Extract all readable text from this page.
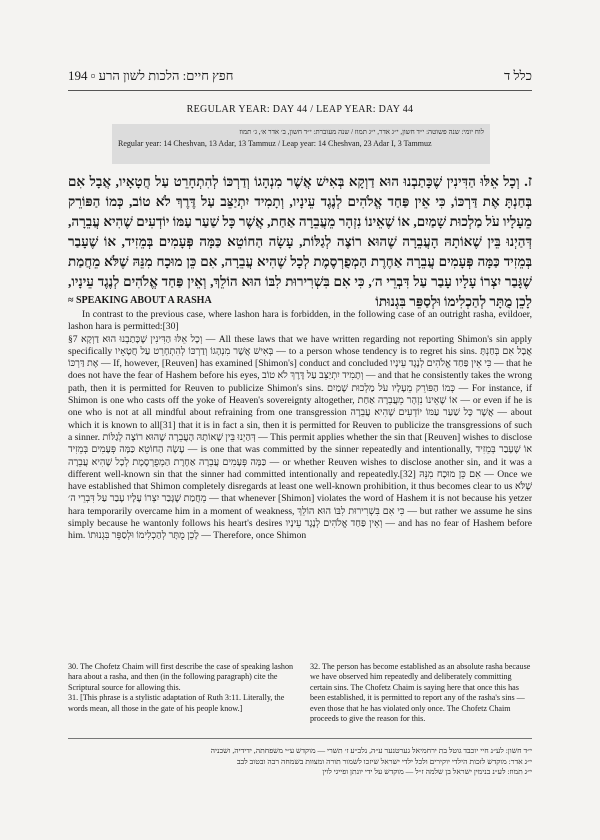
194 ▫ חפץ חיים: הלכות לשון הרע	כלל ד
REGULAR YEAR: DAY 44 / LEAP YEAR: DAY 44
לוח יומי: שנה פשוטה: י״ד חשון, י״ג אדר, י״ג תמוז / שנה מעוברת: י״ד חשון, ב׳ אדר א׳, ג׳ תמוז
Regular year: 14 Cheshvan, 13 Adar, 13 Tammuz / Leap year: 14 Cheshvan, 23 Adar I, 3 Tammuz
ז. וְכָל אֵלּוּ הַדִּינִין שֶׁכָּתַבְנוּ הוּא דַוְקָא בְּאִישׁ אֲשֶׁר מִנְהָגוֹ וְדַרְכּוֹ לְהִתְחָרֵט עַל חֲטָאָיו, אֲבָל אִם בְּחַנְתָּ אֶת דַּרְכּוֹ, כִּי אֵין פַּחַד אֱלֹהִים לְנֶגֶד עֵינָיו, וְתָמִיד יִתְיַצֵּב עַל דֶּרֶךְ לֹא טוֹב, כְּמוֹ הַפּוֹרֵק מֵעָלָיו עֹל מַלְכוּת שָׁמַיִם, אוֹ שֶׁאֵינוֹ נִזְהָר מֵעֲבֵרָה אַחַת, אֲשֶׁר כָּל שַׁעַר עַמּוֹ יוֹדְעִים שֶׁהִיא עֲבֵרָה, דְּהַיְנוּ בֵּין שֶׁאוֹתָהּ הָעֲבֵרָה שֶׁהוּא רוֹצֶה לְגַלּוֹת, עָשָׂה הַחוֹטֵא כַּמָּה פְּעָמִים בְּמֵזִיד, אוֹ שֶׁעָבַר בְּמֵזִיד כַּמָּה פְּעָמִים עֲבֵרָה אַחֶרֶת הַמְפֻרְסֶמֶת לְכָל שֶׁהִיא עֲבֵרָה, אִם כֵּן מוּכָח מִנֵּהּ שֶׁלֹּא מֵחֲמַת שֶׁגָּבַר יִצְרוֹ עָלָיו עָבַר עַל דִּבְרֵי ה׳, כִּי אִם בִּשְׁרִירוּת לִבּוֹ הוּא הוֹלֵךְ, וְאֵין פַּחַד אֱלֹהִים לְנֶגֶד עֵינָיו, לָכֵן מֻתָּר לְהַכְלִימוֹ וּלְסַפֵּר בִּגְנוּתוֹ
≈ SPEAKING ABOUT A RASHA

In contrast to the previous case, where lashon hara is forbidden, in the following case of an outright rasha, evildoer, lashon hara is permitted:[30]

§7 וְכָל אֵלּוּ הַדִּינִין שֶׁכָּתַבְנוּ הוּא דַוְקָא — All these laws that we have written regarding not reporting Shimon's sin apply specifically בְּאִישׁ אֲשֶׁר מִנְהָגוֹ וְדַרְכּוֹ לְהִתְחָרֵט עַל חֲטָאָיו — to a person whose tendency is to regret his sins. אֲבָל אִם בְּחַנְתָּ אֶת דַּרְכּוֹ — If, however, [Reuven] has examined [Shimon's] conduct and concluded כִּי אֵין פַּחַד אֱלֹהִים לְנֶגֶד עֵינָיו — that he does not have the fear of Hashem before his eyes, וְתָמִיד יִתְיַצֵּב עַל דֶּרֶךְ לֹא טוֹב — and that he consistently takes the wrong path, then it is permitted for Reuven to publicize Shimon's sins. כְּמוֹ הַפּוֹרֵק מֵעָלָיו עֹל מַלְכוּת שָׁמַיִם — For instance, if Shimon is one who casts off the yoke of Heaven's sovereignty altogether, אוֹ שֶׁאֵינוֹ נִזְהָר מֵעֲבֵרָה אַחַת — or even if he is one who is not at all mindful about refraining from one transgression אֲשֶׁר כָּל שַׁעַר עַמּוֹ יוֹדְעִים שֶׁהִיא עֲבֵרָה — about which it is known to all[31] that it is in fact a sin, then it is permitted for Reuven to publicize the transgressions of such a sinner. דְּהַיְנוּ בֵּין שֶׁאוֹתָהּ הָעֲבֵרָה שֶׁהוּא רוֹצֶה לְגַלּוֹת — This permit applies whether the sin that [Reuven] wishes to disclose עָשָׂה הַחוֹטֵא כַּמָּה פְּעָמִים בְּמֵזִיד — is one that was committed by the sinner repeatedly and intentionally, אוֹ שֶׁעָבַר בְּמֵזִיד כַּמָּה פְּעָמִים עֲבֵרָה אַחֶרֶת הַמְפֻרְסֶמֶת לְכָל שֶׁהִיא עֲבֵרָה — or whether Reuven wishes to disclose another sin, and it was a different well-known sin that the sinner had committed intentionally and repeatedly.[32] אִם כֵּן מוּכָח מִנֵּהּ — Once we have established that Shimon completely disregards at least one well-known prohibition, it thus becomes clear to us שֶׁלֹּא מֵחֲמַת שֶׁגָּבַר יִצְרוֹ עָלָיו עָבַר עַל דִּבְרֵי ה׳ — that whenever [Shimon] violates the word of Hashem it is not because his yetzer hara temporarily overcame him in a moment of weakness, כִּי אִם בִּשְׁרִירוּת לִבּוֹ הוּא הוֹלֵךְ — but rather we assume he sins simply because he wantonly follows his heart's desires וְאֵין פַּחַד אֱלֹהִים לְנֶגֶד עֵינָיו — and has no fear of Hashem before him. לָכֵן מֻתָּר לְהַכְלִימוֹ וּלְסַפֵּר בִּגְנוּתוֹ — Therefore, once Shimon

30. The Chofetz Chaim will first describe the case of speaking lashon hara about a rasha, and then (in the following paragraph) cite the Scriptural source for allowing this.

31. [This phrase is a stylistic adaptation of Ruth 3:11. Literally, the words mean, all those in the gate of his people know.]

32. The person has become established as an absolute rasha because we have observed him repeatedly and deliberately committing certain sins. The Chofetz Chaim is saying here that once this has been established, it is permitted to report any of the rasha's sins — even those that he has violated only once. The Chofetz Chaim proceeds to give the reason for this.

י״ד חשון: לע״נ חיי יוכבד גוטל בת ירחמיאל גערטנער ע״ה, נלב״ע ז׳ תשרי — מוקדש ע״י משפחתה, ידידיה, ושכניה

י״ג אדר: מוקדש לזכות הילדי יוקירים ולכל ילדי ישראל שיזכו לשמור תורה ומצוות בשמחה רבה ובטוב לבב

י״ג תמוז: לע״נ בנימין ישראל בן שלמה ז״ל — מוקדש על ידי יונתן ופייגי לוין
